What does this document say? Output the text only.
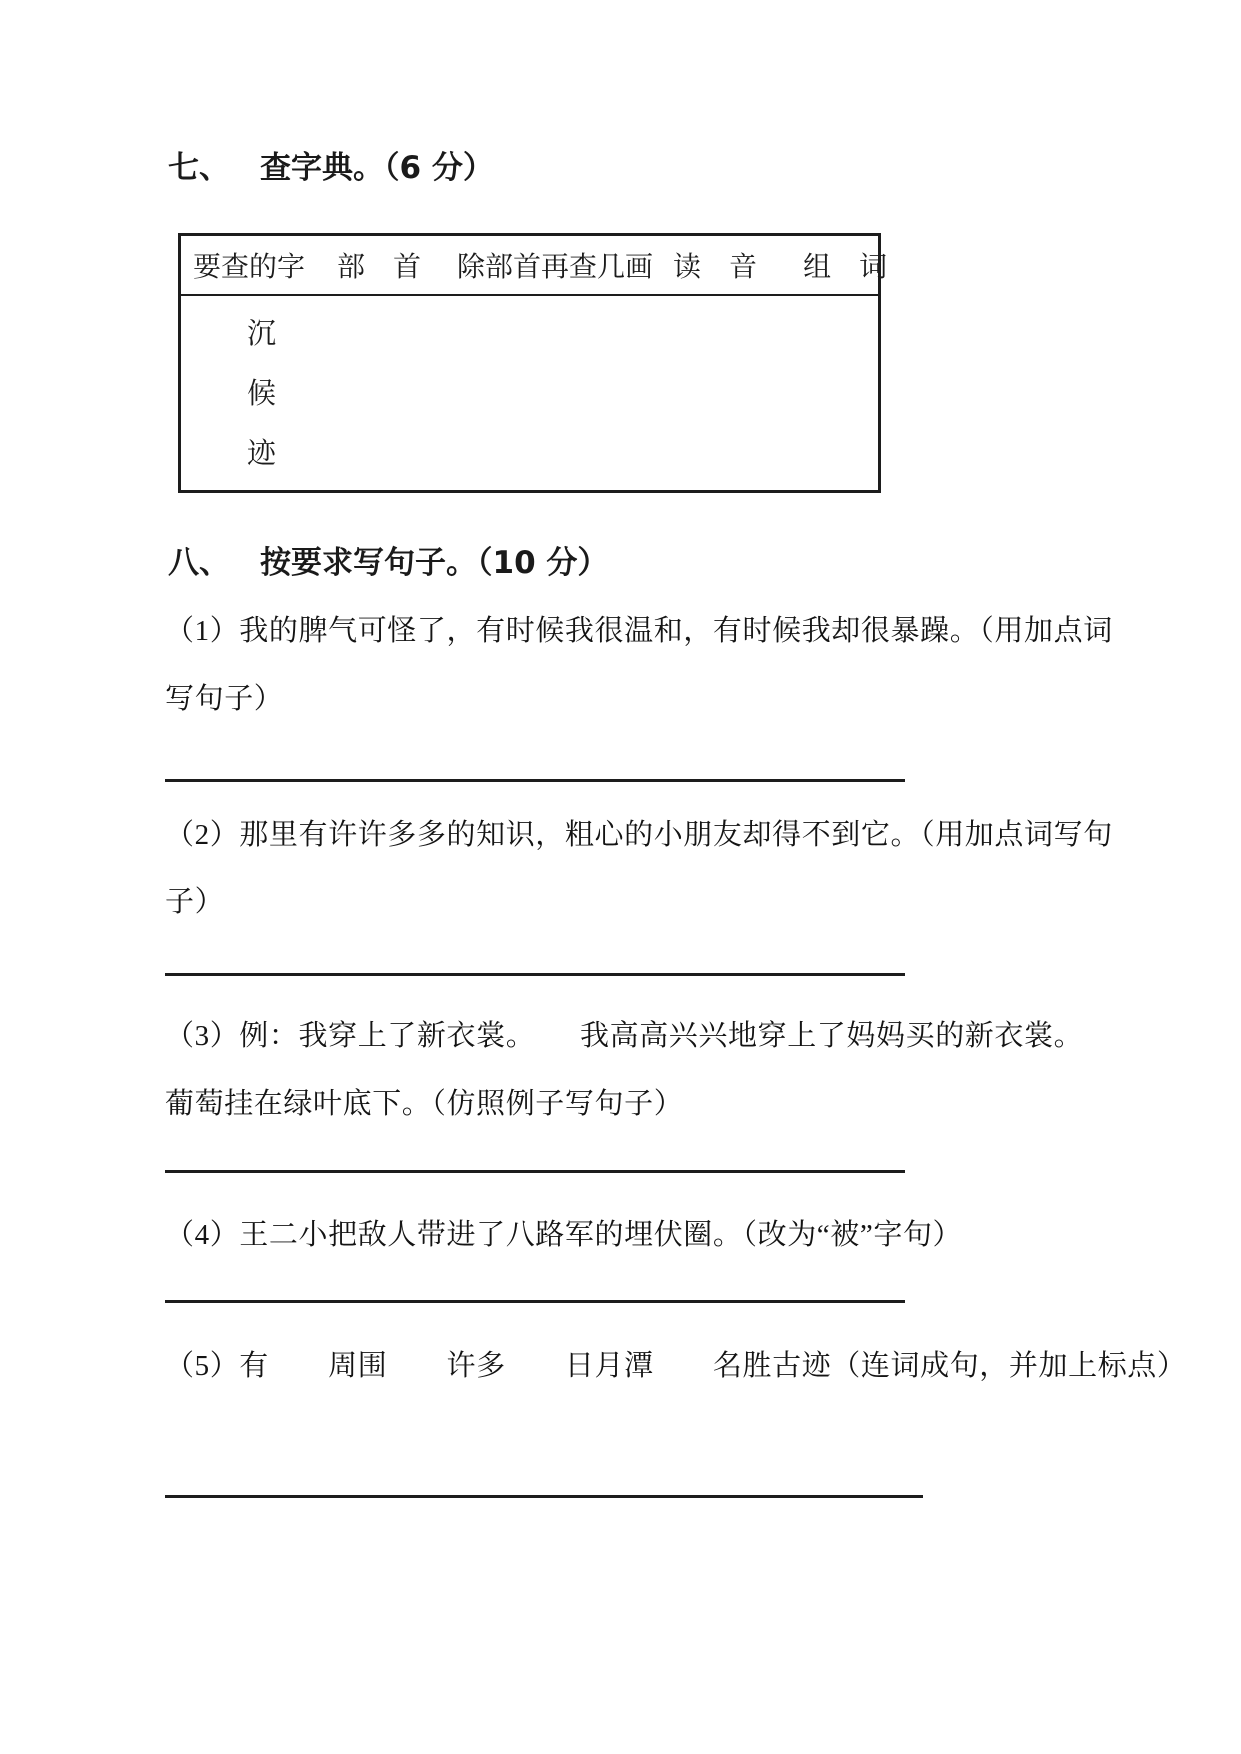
七、 查字典。（6 分）
要查的字 部　首 除部首再查几画 读　音 组　词
沉
候
迹
八、 按要求写句子。（10 分）
（1）我的脾气可怪了，有时候我很温和，有时候我却很暴躁。（用加点词
写句子）
（2）那里有许许多多的知识，粗心的小朋友却得不到它。（用加点词写句
子）
（3）例：我穿上了新衣裳。　　我高高兴兴地穿上了妈妈买的新衣裳。
葡萄挂在绿叶底下。（仿照例子写句子）
（4）王二小把敌人带进了八路军的埋伏圈。（改为“被”字句）
（5）有　　周围　　许多　　日月潭　　名胜古迹（连词成句，并加上标点）
